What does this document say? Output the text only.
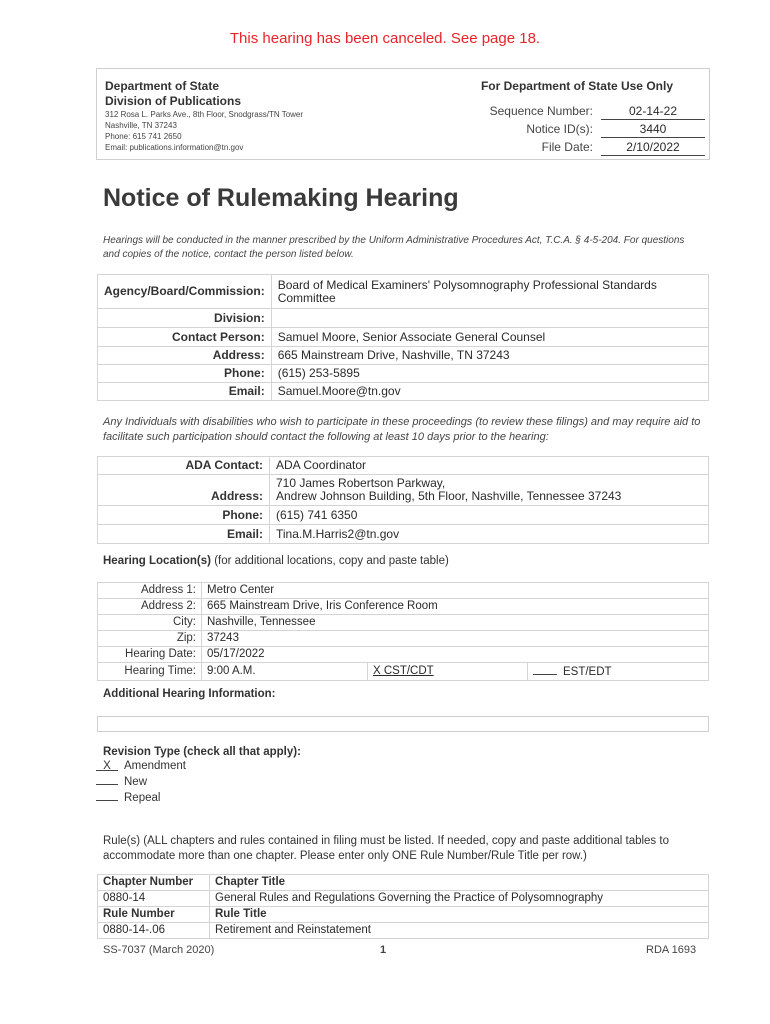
This hearing has been canceled. See page 18.
Department of State
Division of Publications
312 Rosa L. Parks Ave., 8th Floor, Snodgrass/TN Tower
Nashville, TN 37243
Phone: 615 741 2650
Email: publications.information@tn.gov
For Department of State Use Only
Sequence Number:	02-14-22
Notice ID(s):	3440
File Date:	2/10/2022
Notice of Rulemaking Hearing
Hearings will be conducted in the manner prescribed by the Uniform Administrative Procedures Act, T.C.A. § 4-5-204. For questions and copies of the notice, contact the person listed below.
Agency/Board/Commission:	Board of Medical Examiners' Polysomnography Professional Standards Committee
Division:	
Contact Person:	Samuel Moore, Senior Associate General Counsel
Address:	665 Mainstream Drive, Nashville, TN 37243
Phone:	(615) 253-5895
Email:	Samuel.Moore@tn.gov
Any Individuals with disabilities who wish to participate in these proceedings (to review these filings) and may require aid to facilitate such participation should contact the following at least 10 days prior to the hearing:
ADA Contact:	ADA Coordinator
Address:	710 James Robertson Parkway,
Andrew Johnson Building, 5th Floor, Nashville, Tennessee 37243

Phone:	(615) 741 6350
Email:	Tina.M.Harris2@tn.gov
Hearing Location(s) (for additional locations, copy and paste table)
Address 1:	Metro Center		
Address 2:	665 Mainstream Drive, Iris Conference Room		
City:	Nashville, Tennessee		
Zip:	37243		
Hearing Date:	05/17/2022		
Hearing Time:	9:00 A.M.	X CST/CDT	EST/EDT
Additional Hearing Information:
Revision Type (check all that apply):
X Amendment
New
Repeal
Rule(s) (ALL chapters and rules contained in filing must be listed. If needed, copy and paste additional tables to accommodate more than one chapter. Please enter only ONE Rule Number/Rule Title per row.)
Chapter Number	Chapter Title
0880-14	General Rules and Regulations Governing the Practice of Polysomnography
Rule Number	Rule Title
0880-14-.06	Retirement and Reinstatement
SS-7037 (March 2020)	1	RDA 1693
